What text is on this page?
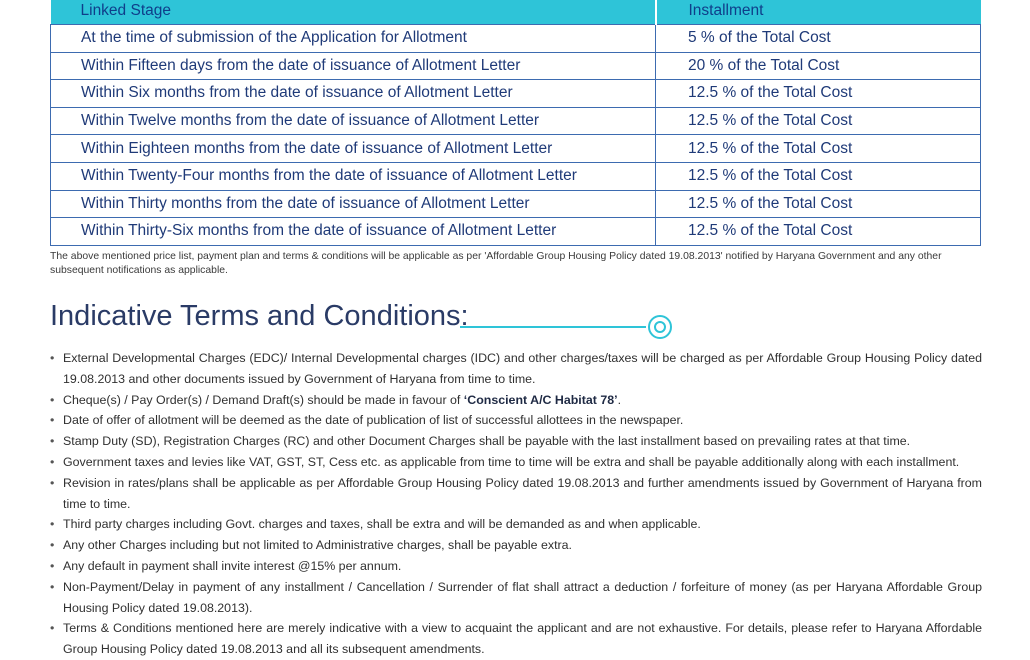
Linked Stage	Installment
At the time of submission of the Application for Allotment	5 % of the Total Cost
Within Fifteen days from the date of issuance of Allotment Letter	20 % of the Total Cost
Within Six months from the date of issuance of Allotment Letter	12.5 % of the Total Cost
Within Twelve months from the date of issuance of Allotment Letter	12.5 % of the Total Cost
Within Eighteen months from the date of issuance of Allotment Letter	12.5 % of the Total Cost
Within Twenty-Four months from the date of issuance of Allotment Letter	12.5 % of the Total Cost
Within Thirty months from the date of issuance of Allotment Letter	12.5 % of the Total Cost
Within Thirty-Six months from the date of issuance of Allotment Letter	12.5 % of the Total Cost

The above mentioned price list, payment plan and terms & conditions will be applicable as per 'Affordable Group Housing Policy dated 19.08.2013' notified by Haryana Government and any other subsequent notifications as applicable.

Indicative Terms and Conditions:
• External Developmental Charges (EDC)/ Internal Developmental charges (IDC) and other charges/taxes will be charged as per Affordable Group Housing Policy dated 19.08.2013 and other documents issued by Government of Haryana from time to time.
• Cheque(s) / Pay Order(s) / Demand Draft(s) should be made in favour of ‘Conscient A/C Habitat 78’.
• Date of offer of allotment will be deemed as the date of publication of list of successful allottees in the newspaper.
• Stamp Duty (SD), Registration Charges (RC) and other Document Charges shall be payable with the last installment based on prevailing rates at that time.
• Government taxes and levies like VAT, GST, ST, Cess etc. as applicable from time to time will be extra and shall be payable additionally along with each installment.
• Revision in rates/plans shall be applicable as per Affordable Group Housing Policy dated 19.08.2013 and further amendments issued by Government of Haryana from time to time.
• Third party charges including Govt. charges and taxes, shall be extra and will be demanded as and when applicable.
• Any other Charges including but not limited to Administrative charges, shall be payable extra.
• Any default in payment shall invite interest @15% per annum.
• Non-Payment/Delay in payment of any installment / Cancellation / Surrender of flat shall attract a deduction / forfeiture of money (as per Haryana Affordable Group Housing Policy dated 19.08.2013).
• Terms & Conditions mentioned here are merely indicative with a view to acquaint the applicant and are not exhaustive. For details, please refer to Haryana Affordable Group Housing Policy dated 19.08.2013 and all its subsequent amendments.
